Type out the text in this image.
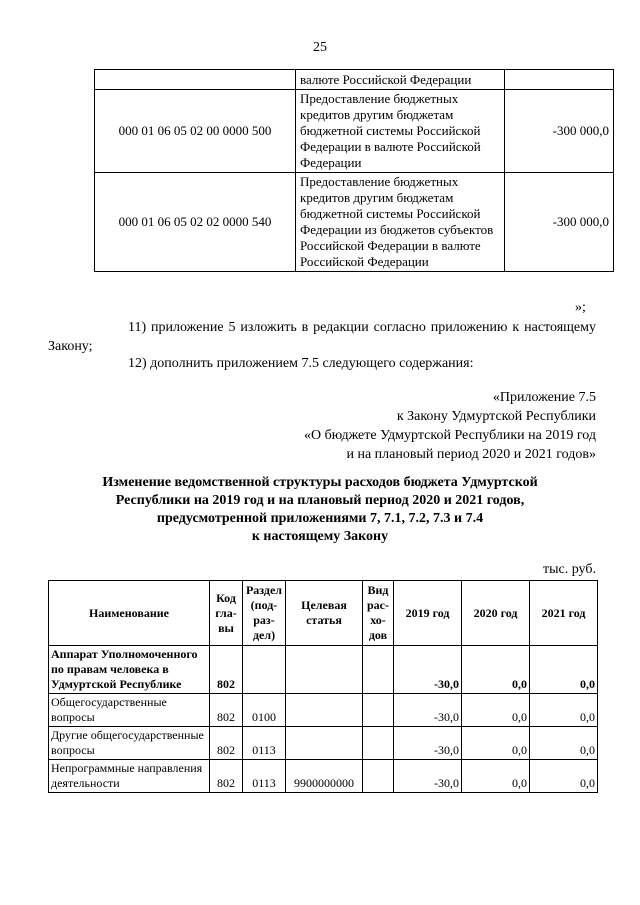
25
	валюте Российской Федерации	
000 01 06 05 02 00 0000 500	Предоставление бюджетных кредитов другим бюджетам бюджетной системы Российской Федерации в валюте Российской Федерации	-300 000,0
000 01 06 05 02 02 0000 540	Предоставление бюджетных кредитов другим бюджетам бюджетной системы Российской Федерации из бюджетов субъектов Российской Федерации в валюте Российской Федерации	-300 000,0
»;
11) приложение 5 изложить в редакции согласно приложению к настоящему Закону;
12) дополнить приложением 7.5 следующего содержания:
«Приложение 7.5
к Закону Удмуртской Республики
«О бюджете Удмуртской Республики на 2019 год
и на плановый период 2020 и 2021 годов»
Изменение ведомственной структуры расходов бюджета Удмуртской
Республики на 2019 год и на плановый период 2020 и 2021 годов,
предусмотренной приложениями 7, 7.1, 7.2, 7.3 и 7.4
к настоящему Закону
тыс. руб.
Наименование	Код гла-вы	Раздел (под-раз-дел)	Целевая статья	Вид рас-хо-дов	2019 год	2020 год	2021 год
Аппарат Уполномоченного по правам человека в Удмуртской Республике	802				-30,0	0,0	0,0
Общегосударственные вопросы	802	0100			-30,0	0,0	0,0
Другие общегосударственные вопросы	802	0113			-30,0	0,0	0,0
Непрограммные направления деятельности	802	0113	9900000000		-30,0	0,0	0,0
